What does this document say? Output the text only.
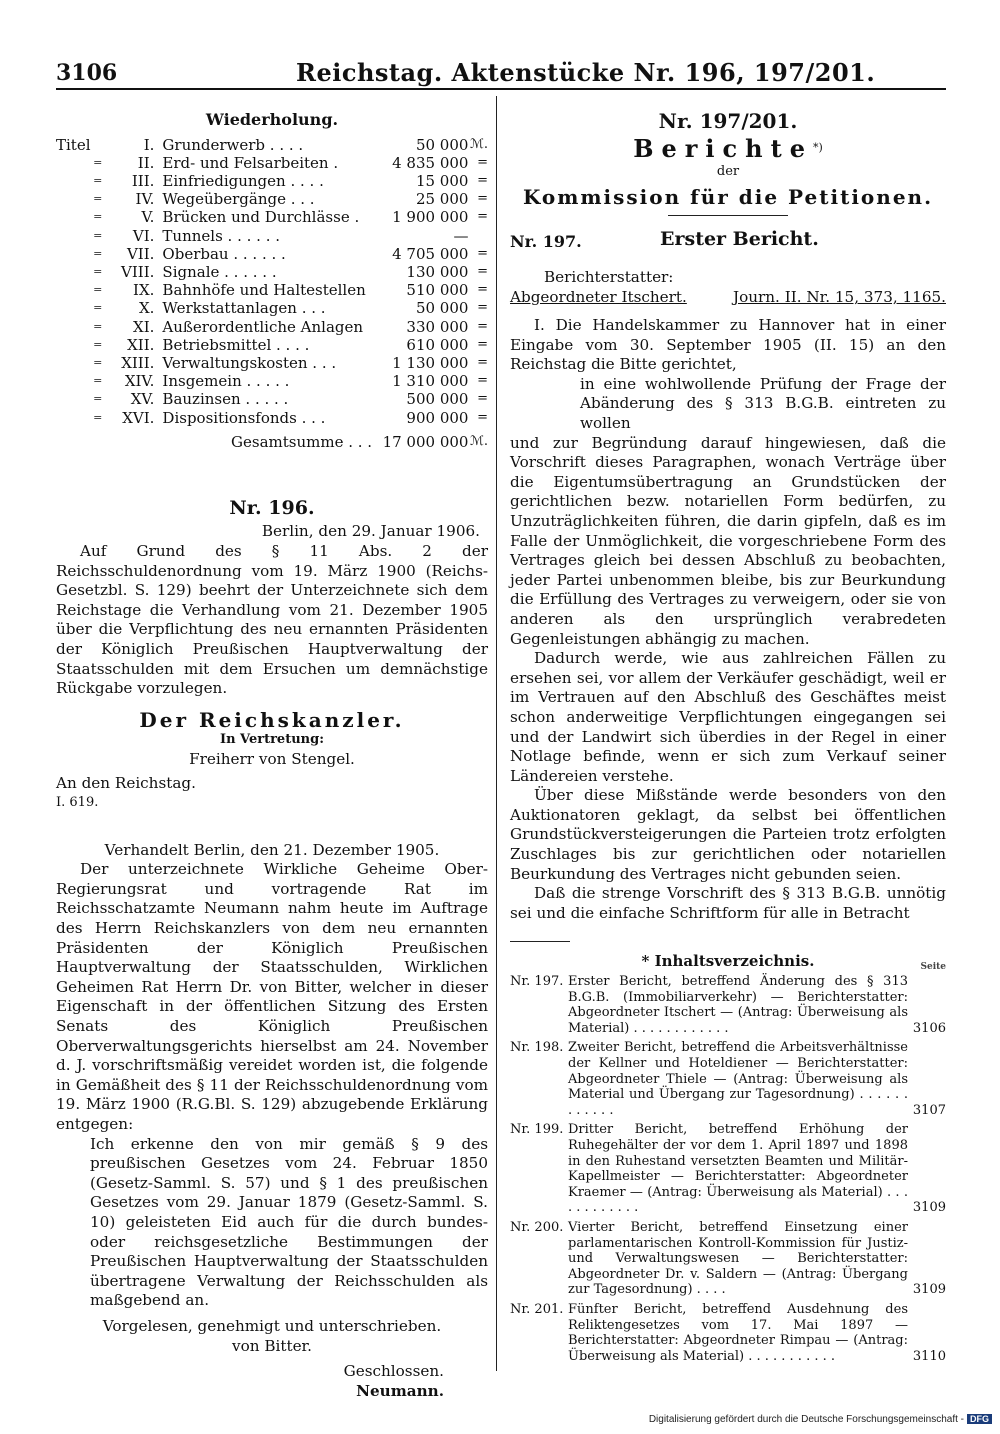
3106	Reichstag. Aktenstücke Nr. 196, 197/201.
Wiederholung.
Titel		I.	Grunderwerb . . . .	50 000	ℳ.
	=	II.	Erd- und Felsarbeiten .	4 835 000	=
	=	III.	Einfriedigungen . . . .	15 000	=
	=	IV.	Wegeübergänge . . .	25 000	=
	=	V.	Brücken und Durchlässe .	1 900 000	=
	=	VI.	Tunnels . . . . . .	—	
	=	VII.	Oberbau . . . . . .	4 705 000	=
	=	VIII.	Signale . . . . . .	130 000	=
	=	IX.	Bahnhöfe und Haltestellen	510 000	=
	=	X.	Werkstattanlagen . . .	50 000	=
	=	XI.	Außerordentliche Anlagen	330 000	=
	=	XII.	Betriebsmittel . . . .	610 000	=
	=	XIII.	Verwaltungskosten . . .	1 130 000	=
	=	XIV.	Insgemein . . . . .	1 310 000	=
	=	XV.	Bauzinsen . . . . .	500 000	=
	=	XVI.	Dispositionsfonds . . .	900 000	=
			Gesamtsumme . . .	17 000 000	ℳ.

Nr. 196.

Berlin, den 29. Januar 1906.

Auf Grund des § 11 Abs. 2 der Reichsschuldenordnung vom 19. März 1900 (Reichs-Gesetzbl. S. 129) beehrt der Unterzeichnete sich dem Reichstage die Verhandlung vom 21. Dezember 1905 über die Verpflichtung des neu ernannten Präsidenten der Königlich Preußischen Hauptverwaltung der Staatsschulden mit dem Ersuchen um demnächstige Rückgabe vorzulegen.

Der Reichskanzler.

In Vertretung:

Freiherr von Stengel.

An den Reichstag.

I. 619.

Verhandelt Berlin, den 21. Dezember 1905.

Der unterzeichnete Wirkliche Geheime Ober-Regierungsrat und vortragende Rat im Reichsschatzamte Neumann nahm heute im Auftrage des Herrn Reichskanzlers von dem neu ernannten Präsidenten der Königlich Preußischen Hauptverwaltung der Staatsschulden, Wirklichen Geheimen Rat Herrn Dr. von Bitter, welcher in dieser Eigenschaft in der öffentlichen Sitzung des Ersten Senats des Königlich Preußischen Oberverwaltungsgerichts hierselbst am 24. November d. J. vorschriftsmäßig vereidet worden ist, die folgende in Gemäßheit des § 11 der Reichsschuldenordnung vom 19. März 1900 (R.G.Bl. S. 129) abzugebende Erklärung entgegen:

Ich erkenne den von mir gemäß § 9 des preußischen Gesetzes vom 24. Februar 1850 (Gesetz-Samml. S. 57) und § 1 des preußischen Gesetzes vom 29. Januar 1879 (Gesetz-Samml. S. 10) geleisteten Eid auch für die durch bundes- oder reichsgesetzliche Bestimmungen der Preußischen Hauptverwaltung der Staatsschulden übertragene Verwaltung der Reichsschulden als maßgebend an.

Vorgelesen, genehmigt und unterschrieben.

von Bitter.

Geschlossen.

Neumann.

Nr. 197/201.

Berichte*)

der

Kommission für die Petitionen.

Nr. 197.	Erster Bericht.

Berichterstatter:

Abgeordneter Itschert.	Journ. II. Nr. 15, 373, 1165.

I. Die Handelskammer zu Hannover hat in einer Eingabe vom 30. September 1905 (II. 15) an den Reichstag die Bitte gerichtet,

in eine wohlwollende Prüfung der Frage der Abänderung des § 313 B.G.B. eintreten zu wollen

und zur Begründung darauf hingewiesen, daß die Vorschrift dieses Paragraphen, wonach Verträge über die Eigentumsübertragung an Grundstücken der gerichtlichen bezw. notariellen Form bedürfen, zu Unzuträglichkeiten führen, die darin gipfeln, daß es im Falle der Unmöglichkeit, die vorgeschriebene Form des Vertrages gleich bei dessen Abschluß zu beobachten, jeder Partei unbenommen bleibe, bis zur Beurkundung die Erfüllung des Vertrages zu verweigern, oder sie von anderen als den ursprünglich verabredeten Gegenleistungen abhängig zu machen.

Dadurch werde, wie aus zahlreichen Fällen zu ersehen sei, vor allem der Verkäufer geschädigt, weil er im Vertrauen auf den Abschluß des Geschäftes meist schon anderweitige Verpflichtungen eingegangen sei und der Landwirt sich überdies in der Regel in einer Notlage befinde, wenn er sich zum Verkauf seiner Ländereien verstehe.

Über diese Mißstände werde besonders von den Auktionatoren geklagt, da selbst bei öffentlichen Grundstückversteigerungen die Parteien trotz erfolgten Zuschlages bis zur gerichtlichen oder notariellen Beurkundung des Vertrages nicht gebunden seien.

Daß die strenge Vorschrift des § 313 B.G.B. unnötig sei und die einfache Schriftform für alle in Betracht

* Inhaltsverzeichnis.	Seite
Nr. 197. Erster Bericht, betreffend Änderung des § 313 B.G.B. (Immobiliarverkehr) — Berichterstatter: Abgeordneter Itschert — (Antrag: Überweisung als Material) . . . . . . . . . . . .	3106
Nr. 198. Zweiter Bericht, betreffend die Arbeitsverhältnisse der Kellner und Hoteldiener — Berichterstatter: Abgeordneter Thiele — (Antrag: Überweisung als Material und Übergang zur Tagesordnung) . . . . . . . . . . . .	3107
Nr. 199. Dritter Bericht, betreffend Erhöhung der Ruhegehälter der vor dem 1. April 1897 und 1898 in den Ruhestand versetzten Beamten und Militär-Kapellmeister — Berichterstatter: Abgeordneter Kraemer — (Antrag: Überweisung als Material) . . . . . . . . . . . .	3109
Nr. 200. Vierter Bericht, betreffend Einsetzung einer parlamentarischen Kontroll-Kommission für Justiz- und Verwaltungswesen — Berichterstatter: Abgeordneter Dr. v. Saldern — (Antrag: Übergang zur Tagesordnung) . . . .	3109
Nr. 201. Fünfter Bericht, betreffend Ausdehnung des Reliktengesetzes vom 17. Mai 1897 — Berichterstatter: Abgeordneter Rimpau — (Antrag: Überweisung als Material) . . . . . . . . . . .	3110
Digitalisierung gefördert durch die Deutsche Forschungsgemeinschaft - DFG
